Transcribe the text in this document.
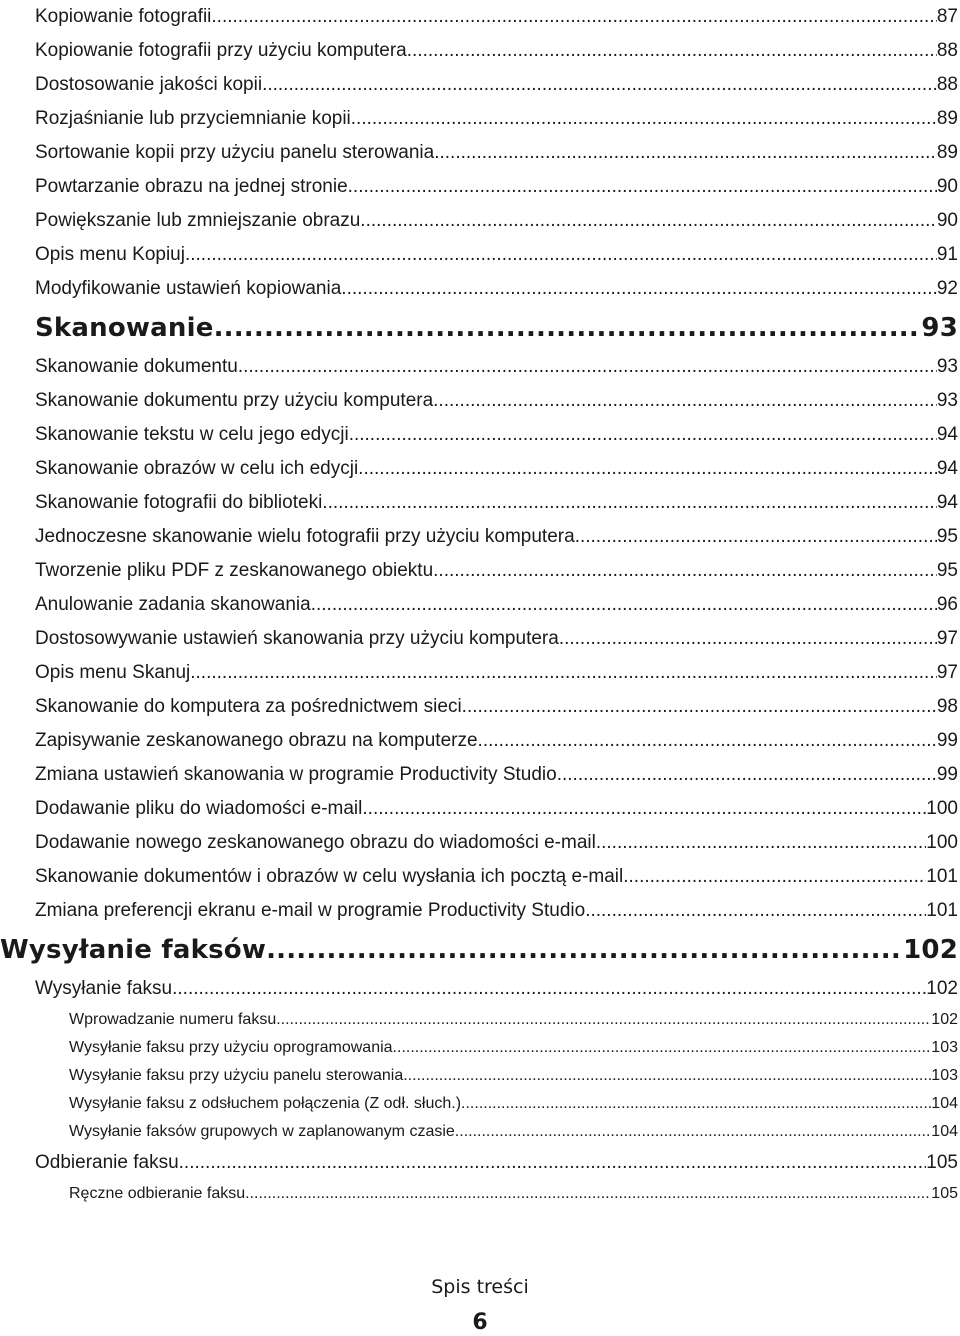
Kopiowanie fotografii .....	87
Kopiowanie fotografii przy użyciu komputera .....	88
Dostosowanie jakości kopii .....	88
Rozjaśnianie lub przyciemnianie kopii .....	89
Sortowanie kopii przy użyciu panelu sterowania .....	89
Powtarzanie obrazu na jednej stronie .....	90
Powiększanie lub zmniejszanie obrazu .....	90
Opis menu Kopiuj .....	91
Modyfikowanie ustawień kopiowania .....	92
Skanowanie .....	93
Skanowanie dokumentu .....	93
Skanowanie dokumentu przy użyciu komputera .....	93
Skanowanie tekstu w celu jego edycji .....	94
Skanowanie obrazów w celu ich edycji .....	94
Skanowanie fotografii do biblioteki .....	94
Jednoczesne skanowanie wielu fotografii przy użyciu komputera .....	95
Tworzenie pliku PDF z zeskanowanego obiektu .....	95
Anulowanie zadania skanowania .....	96
Dostosowywanie ustawień skanowania przy użyciu komputera .....	97
Opis menu Skanuj .....	97
Skanowanie do komputera za pośrednictwem sieci .....	98
Zapisywanie zeskanowanego obrazu na komputerze .....	99
Zmiana ustawień skanowania w programie Productivity Studio .....	99
Dodawanie pliku do wiadomości e-mail .....	100
Dodawanie nowego zeskanowanego obrazu do wiadomości e-mail .....	100
Skanowanie dokumentów i obrazów w celu wysłania ich pocztą e-mail .....	101
Zmiana preferencji ekranu e-mail w programie Productivity Studio .....	101
Wysyłanie faksów .....	102
Wysyłanie faksu .....	102
Wprowadzanie numeru faksu .....	102
Wysyłanie faksu przy użyciu oprogramowania .....	103
Wysyłanie faksu przy użyciu panelu sterowania .....	103
Wysyłanie faksu z odsłuchem połączenia (Z odł. słuch.) .....	104
Wysyłanie faksów grupowych w zaplanowanym czasie .....	104
Odbieranie faksu .....	105
Ręczne odbieranie faksu .....	105
Spis treści
6
